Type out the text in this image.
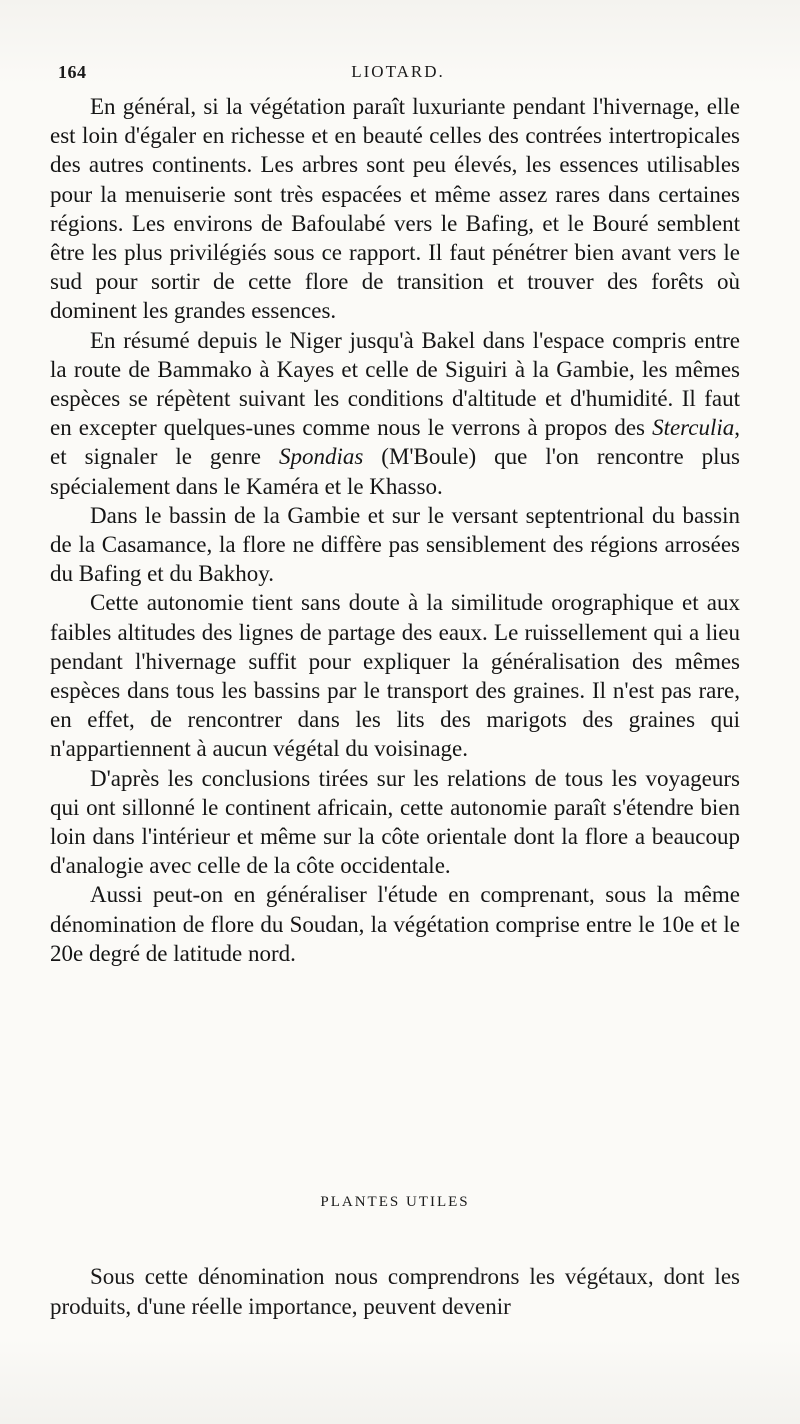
164	LIOTARD.

En général, si la végétation paraît luxuriante pendant l'hivernage, elle est loin d'égaler en richesse et en beauté celles des contrées intertropicales des autres continents. Les arbres sont peu élevés, les essences utilisables pour la menuiserie sont très espacées et même assez rares dans certaines régions. Les environs de Bafoulabé vers le Bafing, et le Bouré semblent être les plus privilégiés sous ce rapport. Il faut pénétrer bien avant vers le sud pour sortir de cette flore de transition et trouver des forêts où dominent les grandes essences.

En résumé depuis le Niger jusqu'à Bakel dans l'espace compris entre la route de Bammako à Kayes et celle de Siguiri à la Gambie, les mêmes espèces se répètent suivant les conditions d'altitude et d'humidité. Il faut en excepter quelques-unes comme nous le verrons à propos des Sterculia, et signaler le genre Spondias (M'Boule) que l'on rencontre plus spécialement dans le Kaméra et le Khasso.

Dans le bassin de la Gambie et sur le versant septentrional du bassin de la Casamance, la flore ne diffère pas sensiblement des régions arrosées du Bafing et du Bakhoy.

Cette autonomie tient sans doute à la similitude orographique et aux faibles altitudes des lignes de partage des eaux. Le ruissellement qui a lieu pendant l'hivernage suffit pour expliquer la généralisation des mêmes espèces dans tous les bassins par le transport des graines. Il n'est pas rare, en effet, de rencontrer dans les lits des marigots des graines qui n'appartiennent à aucun végétal du voisinage.

D'après les conclusions tirées sur les relations de tous les voyageurs qui ont sillonné le continent africain, cette autonomie paraît s'étendre bien loin dans l'intérieur et même sur la côte orientale dont la flore a beaucoup d'analogie avec celle de la côte occidentale.

Aussi peut-on en généraliser l'étude en comprenant, sous la même dénomination de flore du Soudan, la végétation comprise entre le 10e et le 20e degré de latitude nord.

PLANTES UTILES

Sous cette dénomination nous comprendrons les végétaux, dont les produits, d'une réelle importance, peuvent devenir
